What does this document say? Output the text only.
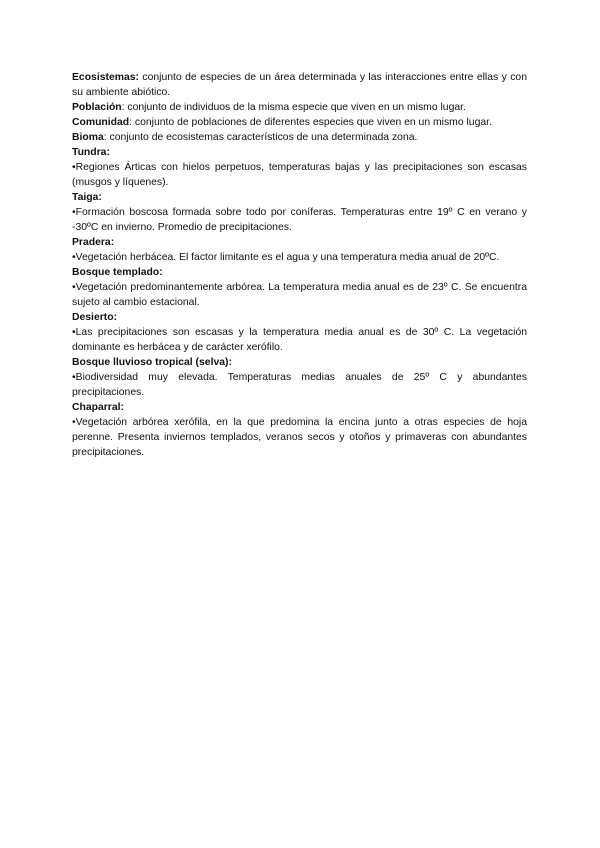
Ecosistemas: conjunto de especies de un área determinada y las interacciones entre ellas y con su ambiente abiótico.

Población: conjunto de individuos de la misma especie que viven en un mismo lugar.

Comunidad: conjunto de poblaciones de diferentes especies que viven en un mismo lugar.

Bioma: conjunto de ecosistemas característicos de una determinada zona.

Tundra:

•Regiones Árticas con hielos perpetuos, temperaturas bajas y las precipitaciones son escasas (musgos y líquenes).

Taiga:

•Formación boscosa formada sobre todo por coníferas. Temperaturas entre 19º C en verano y -30ºC en invierno. Promedio de precipitaciones.

Pradera:

•Vegetación herbácea. El factor limitante es el agua y una temperatura media anual de 20ºC.

Bosque templado:

•Vegetación predominantemente arbórea. La temperatura media anual es de 23º C. Se encuentra sujeto al cambio estacional.

Desierto:

•Las precipitaciones son escasas y la temperatura media anual es de 30º C. La vegetación dominante es herbácea y de carácter xerófilo.

Bosque lluvioso tropical (selva):

•Biodiversidad muy elevada. Temperaturas medias anuales de 25º C y abundantes precipitaciones.

Chaparral:

•Vegetación arbórea xerófila, en la que predomina la encina junto a otras especies de hoja perenne. Presenta inviernos templados, veranos secos y otoños y primaveras con abundantes precipitaciones.
